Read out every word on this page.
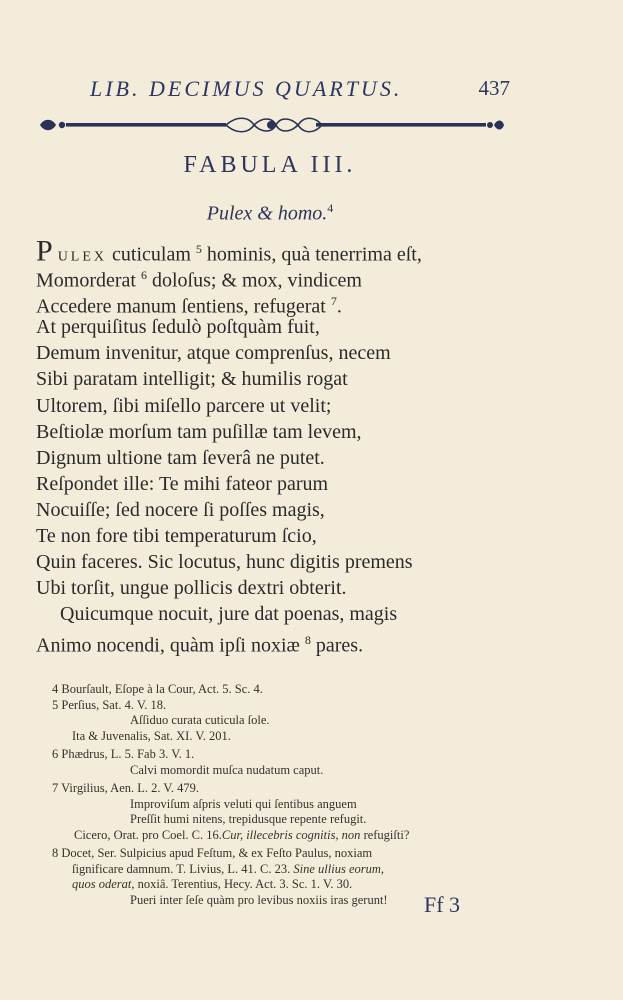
LIB. DECIMUS QUARTUS.	437
FABULA III.
Pulex & homo.$^4$
P ULEX cuticulam $^5$ hominis, quà tenerrima eſt,
Momorderat $^6$ doloſus; & mox, vindicem
Accedere manum ſentiens, refugerat $^7$.
At perquiſitus ſedulò poſtquàm fuit,
Demum invenitur, atque comprenſus, necem
Sibi paratam intelligit; & humilis rogat
Ultorem, ſibi miſello parcere ut velit;
Beſtiolæ morſum tam puſillæ tam levem,
Dignum ultione tam ſeverâ ne putet.
Reſpondet ille: Te mihi fateor parum
Nocuiſſe; ſed nocere ſi poſſes magis,
Te non fore tibi temperaturum ſcio,
Quin faceres. Sic locutus, hunc digitis premens
Ubi torſit, ungue pollicis dextri obterit.
Quicumque nocuit, jure dat poenas, magis
Animo nocendi, quàm ipſi noxiæ $^8$ pares.
4 Bourſault, Eſope à la Cour, Act. 5. Sc. 4.
5 Perſius, Sat. 4. V. 18.
Aſſiduo curata cuticula ſole.
Ita & Juvenalis, Sat. XI. V. 201.
6 Phædrus, L. 5. Fab 3. V. 1.
Calvi momordit muſca nudatum caput.
7 Virgilius, Aen. L. 2. V. 479.
Improviſum aſpris veluti qui ſentibus anguem
Preſſit humi nitens, trepidusque repente refugit.
Cicero, Orat. pro Coel. C. 16.Cur, illecebris cognitis, non refugiſti?
8 Docet, Ser. Sulpicius apud Feſtum, & ex Feſto Paulus, noxiam
ſignificare damnum. T. Livius, L. 41. C. 23. Sine ullius eorum,
quos oderat, noxiâ. Terentius, Hecy. Act. 3. Sc. 1. V. 30.
Pueri inter ſeſe quàm pro levibus noxiis iras gerunt!	Ff 3
